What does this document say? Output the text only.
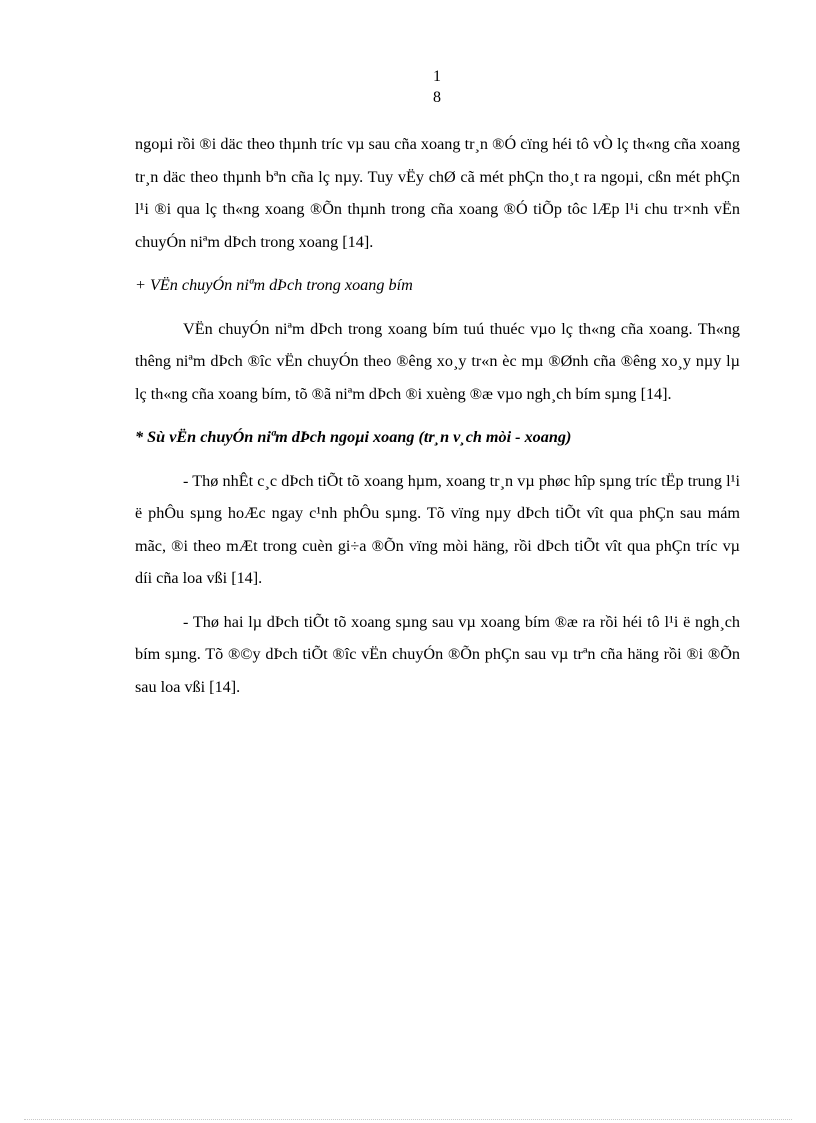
1
8

ngoµi rồi ®i däc theo thµnh tríc vµ sau cña xoang tr¸n ®Ó cïng héi tô vÒ lç th«ng cña xoang tr¸n däc theo thµnh bªn cña lç nµy. Tuy vËy chØ cã mét phÇn tho¸t ra ngoµi, cßn mét phÇn l¹i ®i qua lç th«ng xoang ®Õn thµnh trong cña xoang ®Ó tiÕp tôc lÆp l¹i chu tr×nh vËn chuyÓn niªm dÞch trong xoang [14].

+ VËn chuyÓn niªm dÞch trong xoang bím

VËn chuyÓn niªm dÞch trong xoang bím tuú thuéc vµo lç th«ng cña xoang. Th«ng thêng niªm dÞch ®îc vËn chuyÓn theo ®êng xo¸y tr«n èc mµ ®Ønh cña ®êng xo¸y nµy lµ lç th«ng cña xoang bím, tõ ®ã niªm dÞch ®i xuèng ®æ vµo ngh¸ch bím sµng [14].

* Sù vËn chuyÓn niªm dÞch ngoµi xoang (tr¸n v¸ch mòi - xoang)

- Thø nhÊt c¸c dÞch tiÕt tõ xoang hµm, xoang tr¸n vµ phøc hîp sµng tríc tËp trung l¹i ë phÔu sµng hoÆc ngay c¹nh phÔu sµng. Tõ vïng nµy dÞch tiÕt vît qua phÇn sau mám mãc, ®i theo mÆt trong cuèn gi÷a ®Õn vïng mòi häng, rồi dÞch tiÕt vît qua phÇn tríc vµ díi cña loa vßi [14].

- Thø hai lµ dÞch tiÕt tõ xoang sµng sau vµ xoang bím ®æ ra rồi héi tô l¹i ë ngh¸ch bím sµng. Tõ ®©y dÞch tiÕt ®îc vËn chuyÓn ®Õn phÇn sau vµ trªn cña häng rồi ®i ®Õn sau loa vßi [14].
